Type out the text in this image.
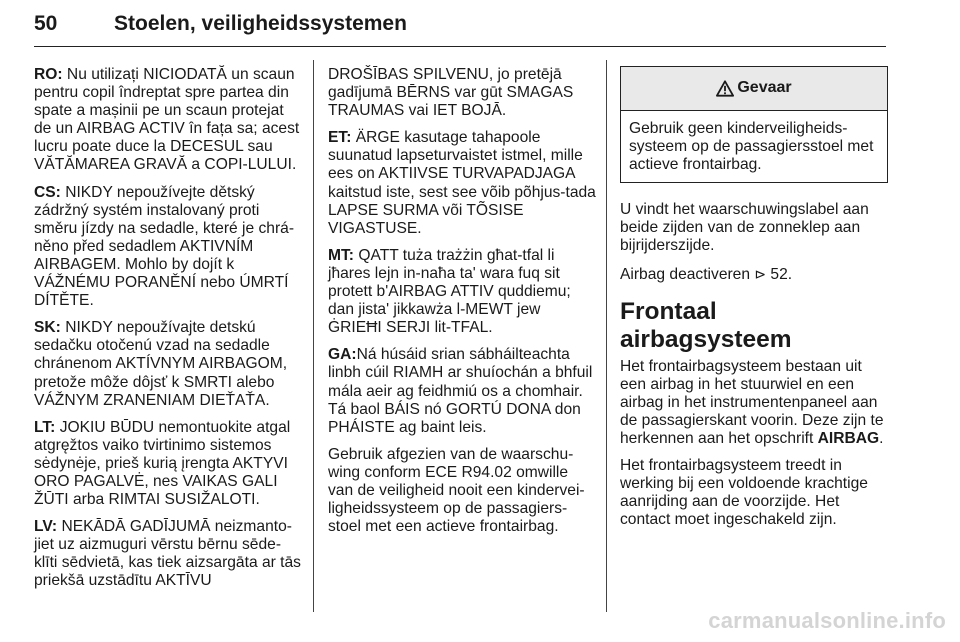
50	Stoelen, veiligheidssystemen

RO: Nu utilizați NICIODATĂ un scaun pentru copil îndreptat spre partea din spate a mașinii pe un scaun protejat de un AIRBAG ACTIV în fața sa; acest lucru poate duce la DECESUL sau VĂTĂMAREA GRAVĂ a COPI-LULUI.

CS: NIKDY nepoužívejte dětský zádržný systém instalovaný proti směru jízdy na sedadle, které je chrá-něno před sedadlem AKTIVNÍM AIRBAGEM. Mohlo by dojít k VÁŽNÉMU PORANĚNÍ nebo ÚMRTÍ DÍTĚTE.

SK: NIKDY nepoužívajte detskú sedačku otočenú vzad na sedadle chránenom AKTÍVNYM AIRBAGOM, pretože môže dôjsť k SMRTI alebo VÁŽNYM ZRANENIAM DIEŤAŤA.

LT: JOKIU BŪDU nemontuokite atgal atgręžtos vaiko tvirtinimo sistemos sėdynėje, prieš kurią įrengta AKTYVI ORO PAGALVĖ, nes VAIKAS GALI ŽŪTI arba RIMTAI SUSIŽALOTI.

LV: NEKĀDĀ GADĪJUMĀ neizmanto-jiet uz aizmuguri vērstu bērnu sēde-klīti sēdvietā, kas tiek aizsargāta ar tās priekšā uzstādītu AKTĪVU

DROŠĪBAS SPILVENU, jo pretējā gadījumā BĒRNS var gūt SMAGAS TRAUMAS vai IET BOJĀ.

ET: ÄRGE kasutage tahapoole suunatud lapseturvaistet istmel, mille ees on AKTIIVSE TURVAPADJAGA kaitstud iste, sest see võib põhjus-tada LAPSE SURMA või TÕSISE VIGASTUSE.

MT: QATT tuża trażżin għat-tfal li jħares lejn in-naħa ta' wara fuq sit protett b'AIRBAG ATTIV quddiemu; dan jista' jikkawża l-MEWT jew ĠRIEĦI SERJI lit-TFAL.

GA:Ná húsáid srian sábháilteachta linbh cúil RIAMH ar shuíochán a bhfuil mála aeir ag feidhmiú os a chomhair. Tá baol BÁIS nó GORTÚ DONA don PHÁISTE ag baint leis.

Gebruik afgezien van de waarschu-wing conform ECE R94.02 omwille van de veiligheid nooit een kindervei-ligheidssysteem op de passagiers-stoel met een actieve frontairbag.

Gevaar
Gebruik geen kinderveiligheids-systeem op de passagiersstoel met actieve frontairbag.

U vindt het waarschuwingslabel aan beide zijden van de zonneklep aan bijrijderszijde.

Airbag deactiveren ⊳ 52.

Frontaal airbagsysteem

Het frontairbagsysteem bestaan uit een airbag in het stuurwiel en een airbag in het instrumentenpaneel aan de passagierskant voorin. Deze zijn te herkennen aan het opschrift AIRBAG.

Het frontairbagsysteem treedt in werking bij een voldoende krachtige aanrijding aan de voorzijde. Het contact moet ingeschakeld zijn.

carmanualsonline.info
